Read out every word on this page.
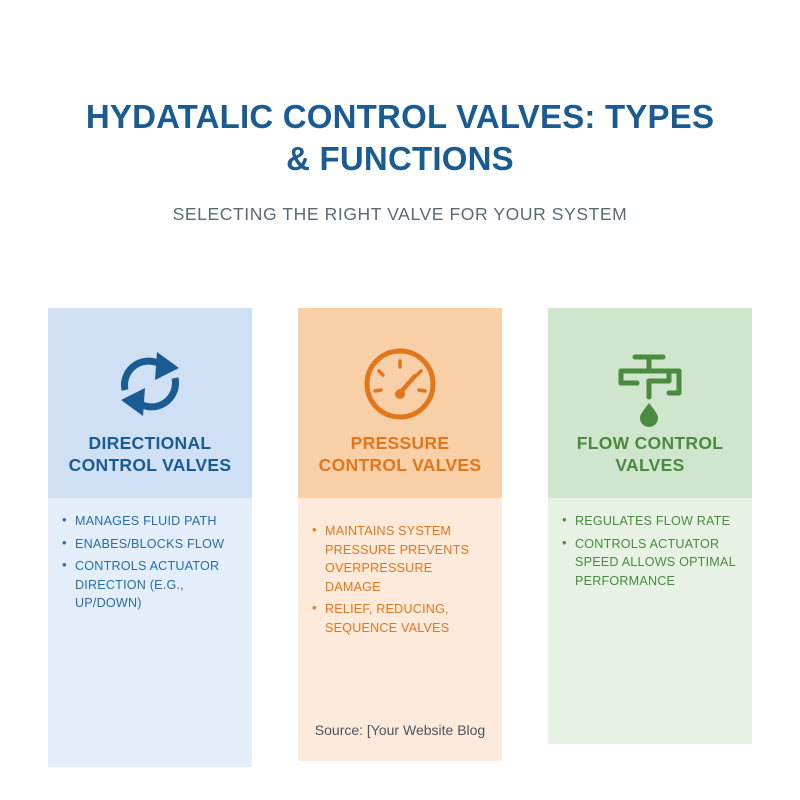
HYDATALIC CONTROL VALVES: TYPES & FUNCTIONS
SELECTING THE RIGHT VALVE FOR YOUR SYSTEM
DIRECTIONAL CONTROL VALVES
• MANAGES FLUID PATH
• ENABES/BLOCKS FLOW
• CONTROLS ACTUATOR DIRECTION (E.G., UP/DOWN)
PRESSURE CONTROL VALVES
• MAINTAINS SYSTEM PRESSURE PREVENTS OVERPRESSURE DAMAGE
• RELIEF, REDUCING, SEQUENCE VALVES
FLOW CONTROL VALVES
• REGULATES FLOW RATE
• CONTROLS ACTUATOR SPEED ALLOWS OPTIMAL PERFORMANCE
Source: [Your Website Blog
